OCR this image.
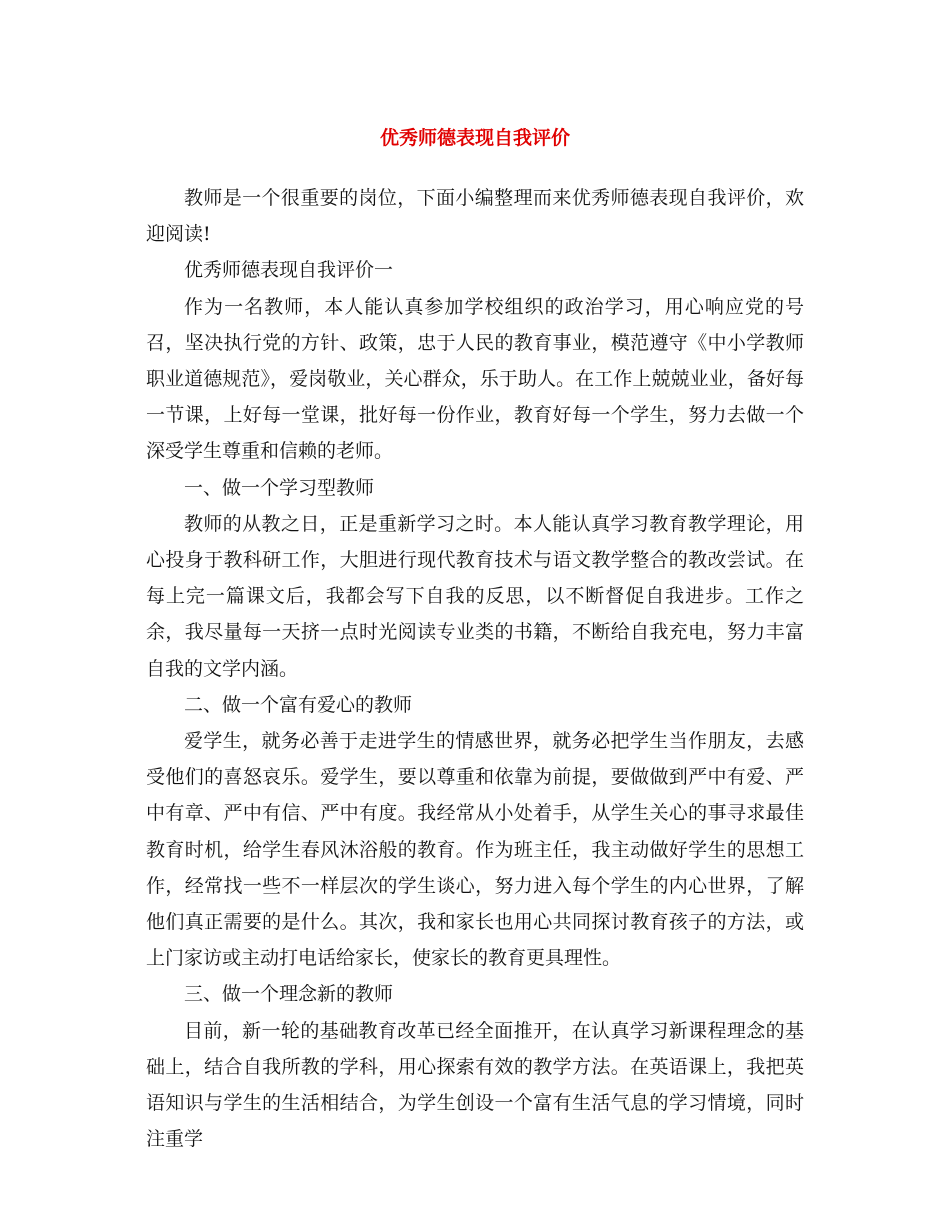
优秀师德表现自我评价

教师是一个很重要的岗位，下面小编整理而来优秀师德表现自我评价，欢迎阅读!

优秀师德表现自我评价一

作为一名教师，本人能认真参加学校组织的政治学习，用心响应党的号召，坚决执行党的方针、政策，忠于人民的教育事业，模范遵守《中小学教师职业道德规范》，爱岗敬业，关心群众，乐于助人。在工作上兢兢业业，备好每一节课，上好每一堂课，批好每一份作业，教育好每一个学生，努力去做一个深受学生尊重和信赖的老师。

一、做一个学习型教师

教师的从教之日，正是重新学习之时。本人能认真学习教育教学理论，用心投身于教科研工作，大胆进行现代教育技术与语文教学整合的教改尝试。在每上完一篇课文后，我都会写下自我的反思，以不断督促自我进步。工作之余，我尽量每一天挤一点时光阅读专业类的书籍，不断给自我充电，努力丰富自我的文学内涵。

二、做一个富有爱心的教师

爱学生，就务必善于走进学生的情感世界，就务必把学生当作朋友，去感受他们的喜怒哀乐。爱学生，要以尊重和依靠为前提，要做做到严中有爱、严中有章、严中有信、严中有度。我经常从小处着手，从学生关心的事寻求最佳教育时机，给学生春风沐浴般的教育。作为班主任，我主动做好学生的思想工作，经常找一些不一样层次的学生谈心，努力进入每个学生的内心世界，了解他们真正需要的是什么。其次，我和家长也用心共同探讨教育孩子的方法，或上门家访或主动打电话给家长，使家长的教育更具理性。

三、做一个理念新的教师

目前，新一轮的基础教育改革已经全面推开，在认真学习新课程理念的基础上，结合自我所教的学科，用心探索有效的教学方法。在英语课上，我把英语知识与学生的生活相结合，为学生创设一个富有生活气息的学习情境，同时注重学
